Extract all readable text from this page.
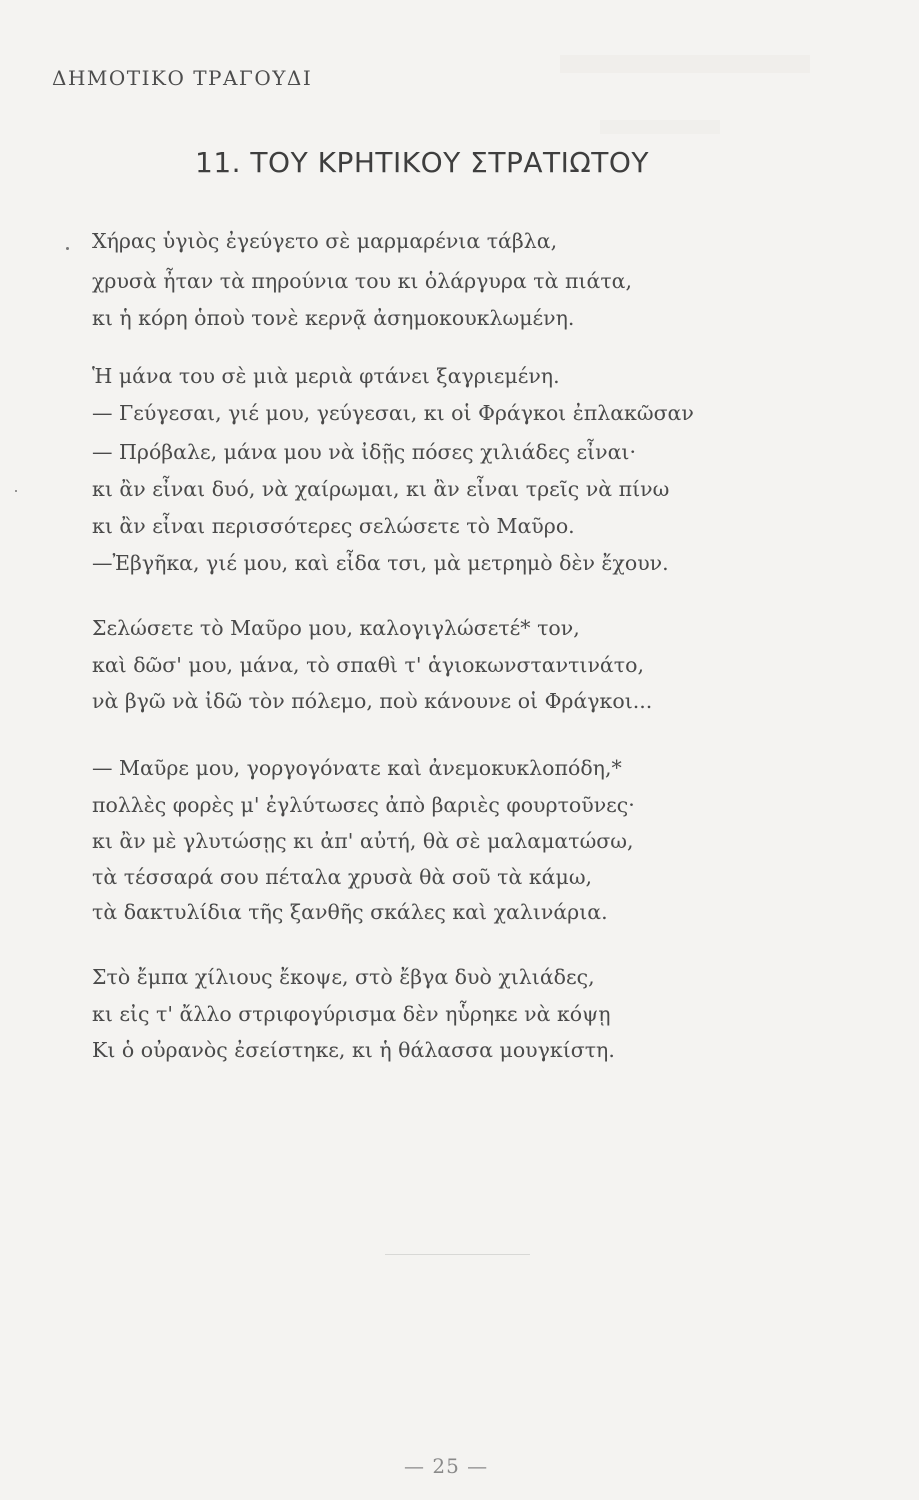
ΔΗΜΟΤΙΚΟ ΤΡΑΓΟΥΔΙ
11. ΤΟΥ ΚΡΗΤΙΚΟΥ ΣΤΡΑΤΙΩΤΟΥ
Χήρας ὑγιὸς ἐγεύγετο σὲ μαρμαρένια τάβλα,
χρυσὰ ἦταν τὰ πηρούνια του κι ὁλάργυρα τὰ πιάτα,
κι ἡ κόρη ὁποὺ τονὲ κερνᾷ ἀσημοκουκλωμένη.
Ἡ μάνα του σὲ μιὰ μεριὰ φτάνει ξαγριεμένη.
— Γεύγεσαι, γιέ μου, γεύγεσαι, κι οἱ Φράγκοι ἐπλακῶσαν
— Πρόβαλε, μάνα μου νὰ ἰδῇς πόσες χιλιάδες εἶναι·
κι ἂν εἶναι δυό, νὰ χαίρωμαι, κι ἂν εἶναι τρεῖς νὰ πίνω
κι ἂν εἶναι περισσότερες σελώσετε τὸ Μαῦρο.
—Ἐβγῆκα, γιέ μου, καὶ εἶδα τσι, μὰ μετρημὸ δὲν ἔχουν.
Σελώσετε τὸ Μαῦρο μου, καλογιγλώσετέ* τον,
καὶ δῶσ' μου, μάνα, τὸ σπαθὶ τ' ἁγιοκωνσταντινάτο,
νὰ βγῶ νὰ ἰδῶ τὸν πόλεμο, ποὺ κάνουνε οἱ Φράγκοι...
— Μαῦρε μου, γοργογόνατε καὶ ἀνεμοκυκλοπόδη,*
πολλὲς φορὲς μ' ἐγλύτωσες ἀπὸ βαριὲς φουρτοῦνες·
κι ἂν μὲ γλυτώσῃς κι ἀπ' αὐτή, θὰ σὲ μαλαματώσω,
τὰ τέσσαρά σου πέταλα χρυσὰ θὰ σοῦ τὰ κάμω,
τὰ δακτυλίδια τῆς ξανθῆς σκάλες καὶ χαλινάρια.
Στὸ ἔμπα χίλιους ἔκοψε, στὸ ἔβγα δυὸ χιλιάδες,
κι εἰς τ' ἄλλο στριφογύρισμα δὲν ηὗρηκε νὰ κόψῃ
Κι ὁ οὐρανὸς ἐσείστηκε, κι ἡ θάλασσα μουγκίστη.
— 25 —
